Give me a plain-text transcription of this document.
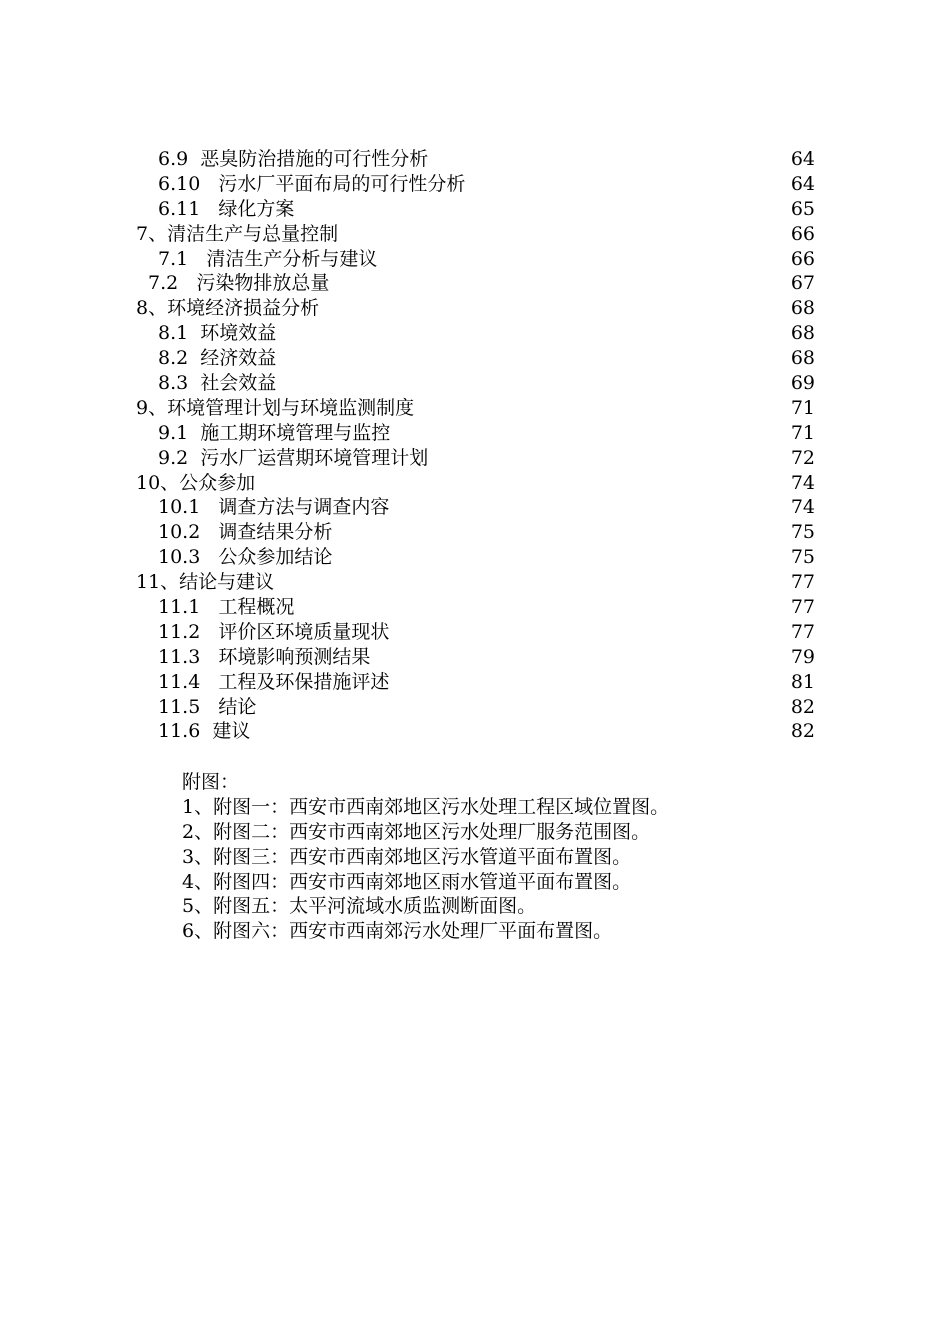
6.9  恶臭防治措施的可行性分析	64
6.10   污水厂平面布局的可行性分析	64
6.11   绿化方案	65
7、清洁生产与总量控制	66
7.1   清洁生产分析与建议	66
7.2   污染物排放总量	67
8、环境经济损益分析	68
8.1  环境效益	68
8.2  经济效益	68
8.3  社会效益	69
9、环境管理计划与环境监测制度	71
9.1  施工期环境管理与监控	71
9.2  污水厂运营期环境管理计划	72
10、公众参加	74
10.1   调查方法与调查内容	74
10.2   调查结果分析	75
10.3   公众参加结论	75
11、结论与建议	77
11.1   工程概况	77
11.2   评价区环境质量现状	77
11.3   环境影响预测结果	79
11.4   工程及环保措施评述	81
11.5   结论	82
11.6  建议	82
附图：
1、附图一：西安市西南郊地区污水处理工程区域位置图。
2、附图二：西安市西南郊地区污水处理厂服务范围图。
3、附图三：西安市西南郊地区污水管道平面布置图。
4、附图四：西安市西南郊地区雨水管道平面布置图。
5、附图五：太平河流域水质监测断面图。
6、附图六：西安市西南郊污水处理厂平面布置图。
